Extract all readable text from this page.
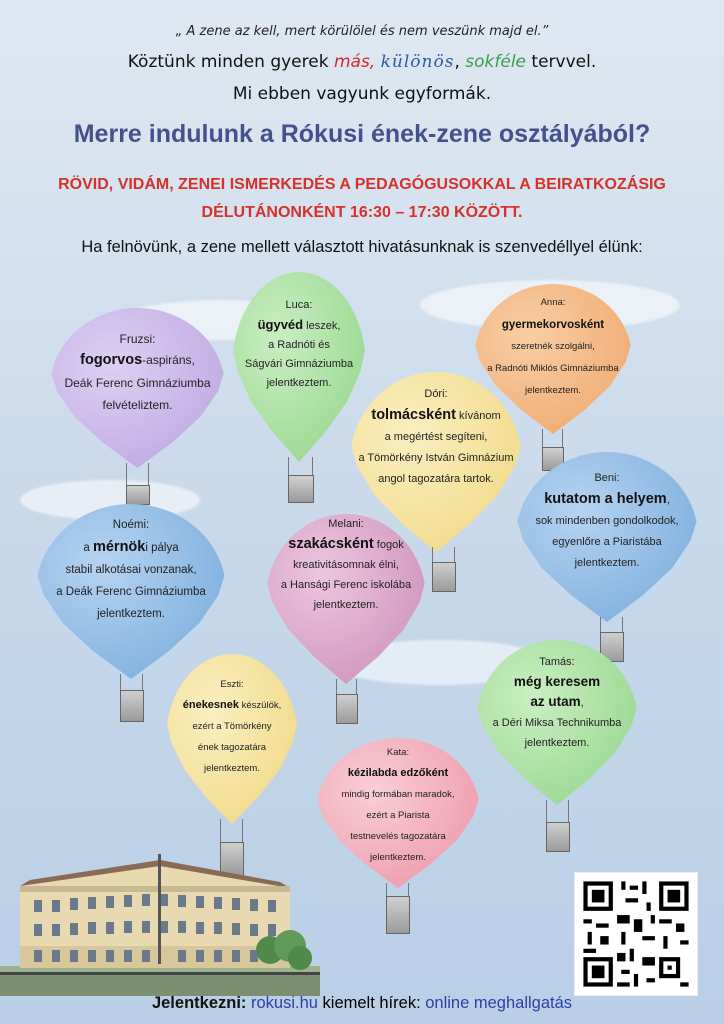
„ A zene az kell, mert körülölel és nem veszünk majd el.”
Köztünk minden gyerek más, különös, sokféle tervvel.
Mi ebben vagyunk egyformák.
Merre indulunk a Rókusi ének-zene osztályából?
RÖVID, VIDÁM, ZENEI ISMERKEDÉS A PEDAGÓGUSOKKAL A BEIRATKOZÁSIG
DÉLUTÁNONKÉNT 16:30 – 17:30 KÖZÖTT.
Ha felnövünk, a zene mellett választott hivatásunknak is szenvedéllyel élünk:
Fruzsi:
fogorvos-aspiráns,
Deák Ferenc Gimnáziumba
felvételiztem.
Luca:
ügyvéd leszek,
a Radnóti és
Ságvári Gimnáziumba
jelentkeztem.
Anna:
gyermekorvosként
szeretnék szolgálni,
a Radnóti Miklós Gimnáziumba
jelentkeztem.
Dóri:
tolmácsként kívánom
a megértést segíteni,
a Tömörkény István Gimnázium
angol tagozatára tartok.	Beni:
kutatom a helyem,
sok mindenben gondolkodok,
egyenlőre a Piaristába
jelentkeztem.
Noémi:
a mérnöki pálya
stabil alkotásai vonzanak,
a Deák Ferenc Gimnáziumba
jelentkeztem.
Melani:
szakácsként fogok
kreativitásomnak élni,
a Hansági Ferenc iskolába
jelentkeztem.
Tamás:
még keresem
az utam,
a Déri Miksa Technikumba
jelentkeztem.
Eszti:
énekesnek készülök,
ezért a Tömörkény
ének tagozatára
jelentkeztem.
Kata:
kézilabda edzőként
mindig formában maradok,
ezért a Piarista
testnevelés tagozatára
jelentkeztem.
Jelentkezni: rokusi.hu kiemelt hírek: online meghallgatás
